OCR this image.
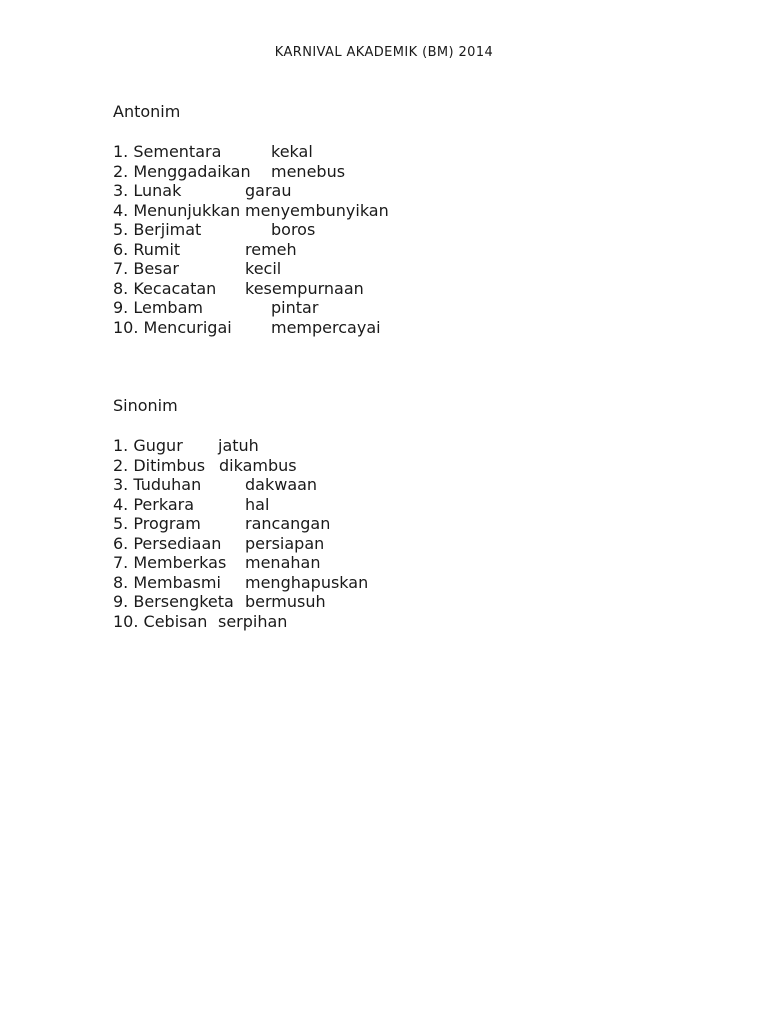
KARNIVAL AKADEMIK (BM) 2014
Antonim
1. Sementara	kekal
2. Menggadaikan menebus
3. Lunak	garau
4. Menunjukkan menyembunyikan
5. Berjimat	boros
6. Rumit	remeh
7. Besar	kecil
8. Kecacatan kesempurnaan
9. Lembam	pintar
10. Mencurigai mempercayai
Sinonim
1. Gugur jatuh
2. Ditimbus dikambus
3. Tuduhan	dakwaan
4. Perkara	hal
5. Program	rancangan
6. Persediaan persiapan
7. Memberkas menahan
8. Membasmi menghapuskan
9. Bersengketa bermusuh
10. Cebisan serpihan
